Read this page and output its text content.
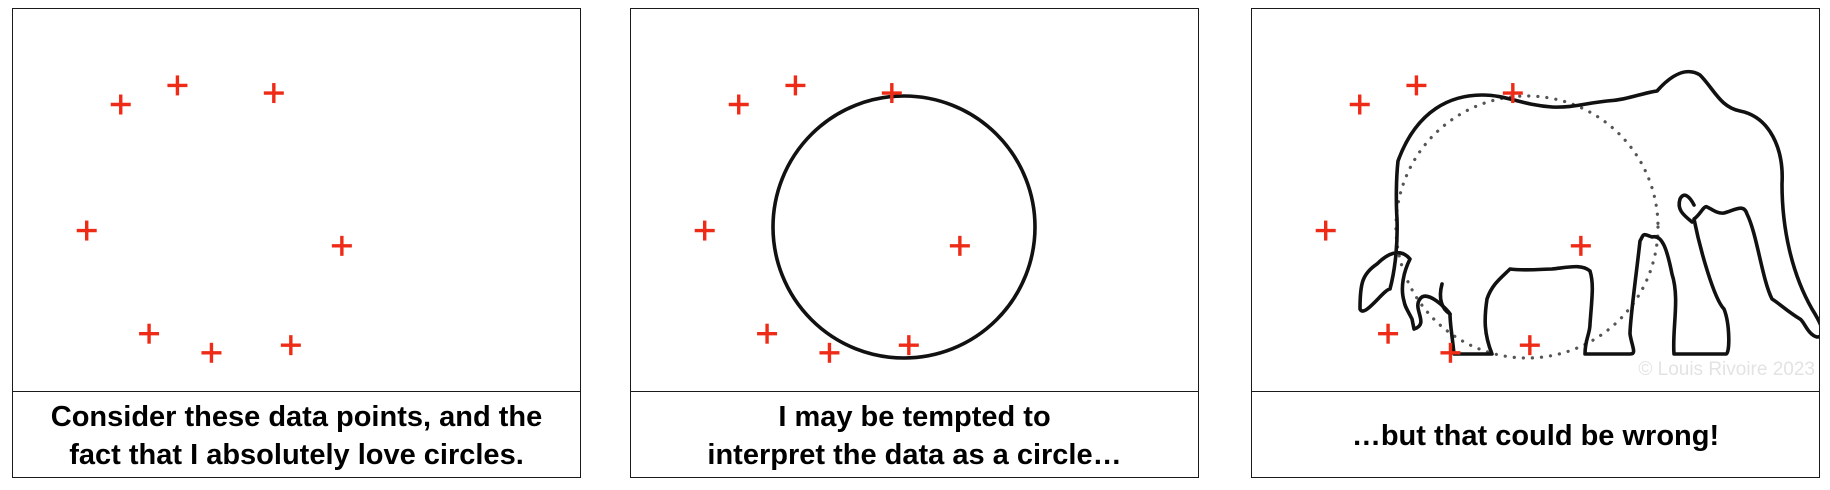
Consider these data points, and the
fact that I absolutely love circles.
I may be tempted to
interpret the data as a circle…
© Louis Rivoire 2023
…but that could be wrong!
